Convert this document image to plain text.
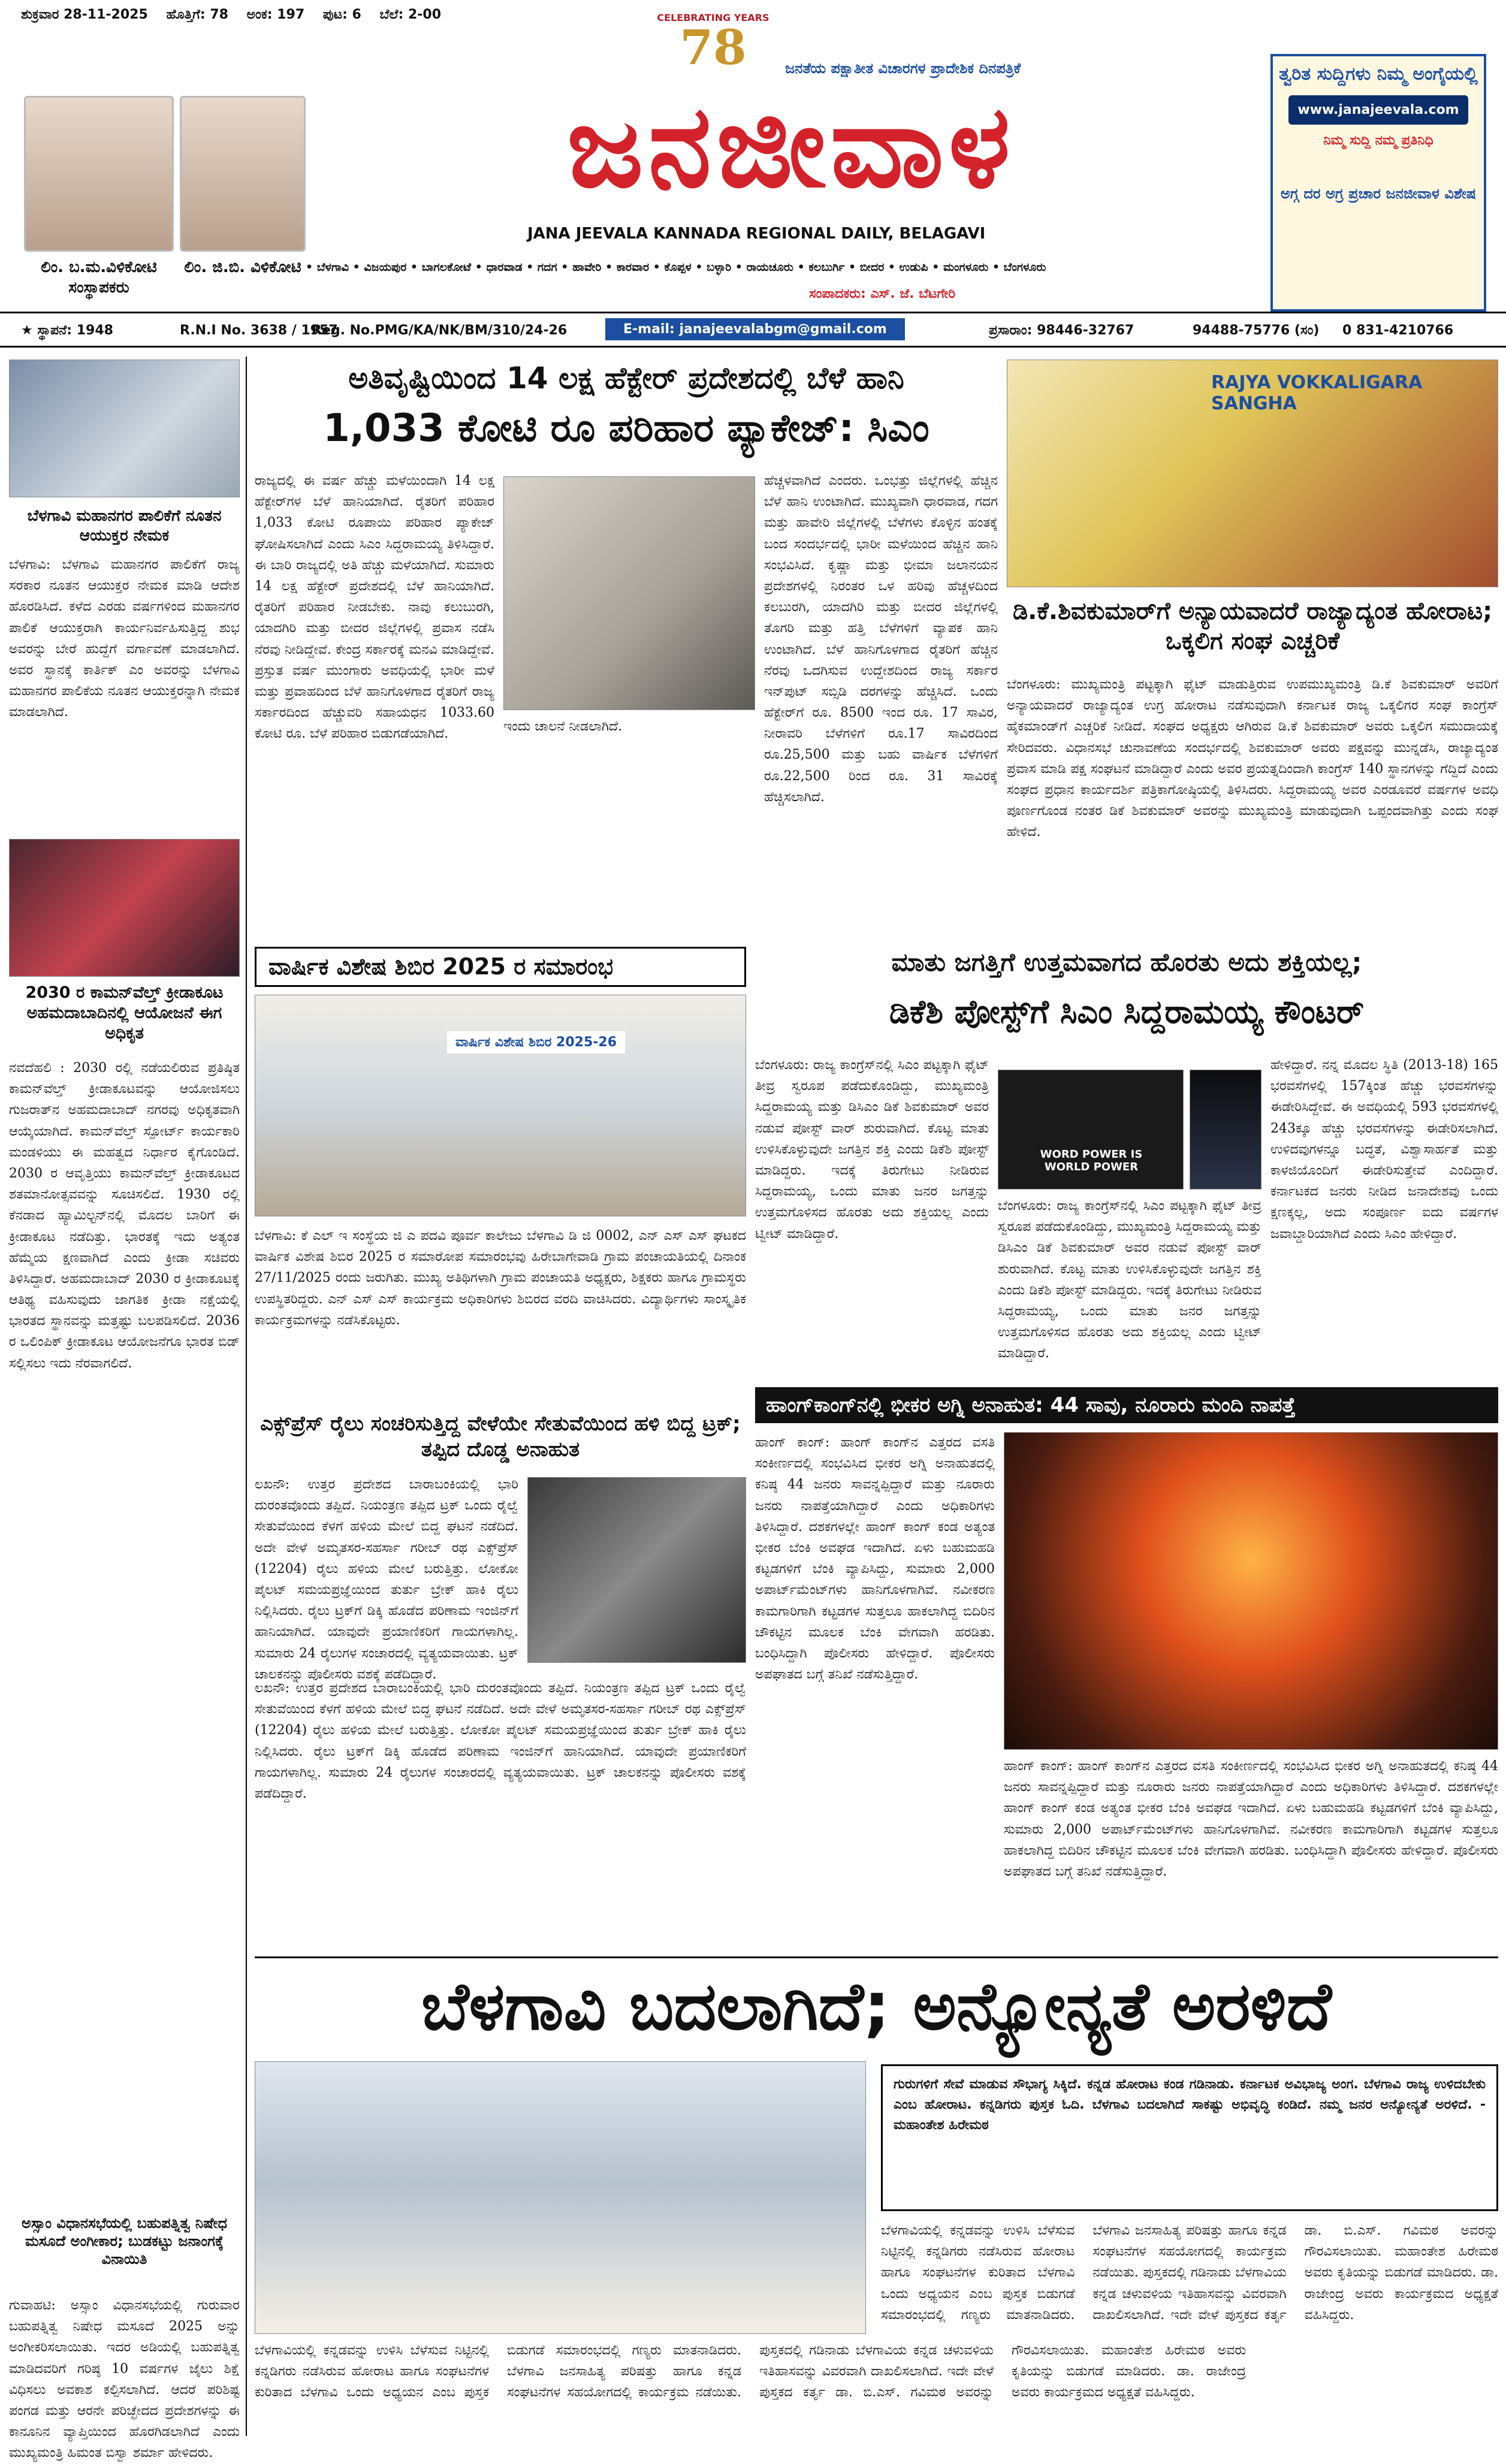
ಶುಕ್ರವಾರ 28-11-2025 ಹೊತ್ತಿಗೆ: 78 ಅಂಕ: 197 ಪುಟ: 6 ಬೆಲೆ: 2-00
ಲಿಂ. ಬ.ಮ.ವಿಳಿಕೋಟಿ
ಸಂಸ್ಥಾಪಕರು
ಲಿಂ. ಜಿ.ಬಿ. ವಿಳಿಕೋಟಿ
CELEBRATING YEARS
78	ಜನತೆಯ ಪಕ್ಷಾತೀತ ವಿಚಾರಗಳ ಪ್ರಾದೇಶಿಕ ದಿನಪತ್ರಿಕೆ
ಜನಜೀವಾಳ
JANA JEEVALA KANNADA REGIONAL DAILY, BELAGAVI
• ಬೆಳಗಾವಿ • ವಿಜಯಪುರ • ಬಾಗಲಕೋಟೆ • ಧಾರವಾಡ • ಗದಗ • ಹಾವೇರಿ • ಕಾರವಾರ • ಕೊಪ್ಪಳ • ಬಳ್ಳಾರಿ • ರಾಯಚೂರು • ಕಲಬುರ್ಗಿ • ಬೀದರ • ಉಡುಪಿ • ಮಂಗಳೂರು • ಬೆಂಗಳೂರು
ಸಂಪಾದಕರು: ಎಸ್. ಜೆ. ಬೆಟಗೇರಿ
ತ್ವರಿತ ಸುದ್ದಿಗಳು ನಿಮ್ಮ ಅಂಗೈಯಲ್ಲಿ
www.janajeevala.com
ನಿಮ್ಮ ಸುದ್ದಿ ನಮ್ಮ ಪ್ರತಿನಿಧಿ
ಅಗ್ಗ ದರ ಅಗ್ರ ಪ್ರಚಾರ ಜನಜೀವಾಳ ವಿಶೇಷ
★ ಸ್ಥಾಪನೆ: 1948	R.N.I No. 3638 / 1957
Reg. No.PMG/KA/NK/BM/310/24-26	E-mail: janajeevalabgm@gmail.com	ಪ್ರಸಾರಾಂ: 98446-32767	94488-75776 (ಸಂ) 0 831-4210766
ಬೆಳಗಾವಿ ಮಹಾನಗರ ಪಾಲಿಕೆಗೆ ನೂತನ ಆಯುಕ್ತರ ನೇಮಕ
ಬೆಳಗಾವಿ: ಬೆಳಗಾವಿ ಮಹಾನಗರ ಪಾಲಿಕೆಗೆ ರಾಜ್ಯ ಸರಕಾರ ನೂತನ ಆಯುಕ್ತರ ನೇಮಕ ಮಾಡಿ ಆದೇಶ ಹೊರಡಿಸಿದೆ. ಕಳೆದ ಎರಡು ವರ್ಷಗಳಿಂದ ಮಹಾನಗರ ಪಾಲಿಕೆ ಆಯುಕ್ತರಾಗಿ ಕಾರ್ಯನಿರ್ವಹಿಸುತ್ತಿದ್ದ ಶುಭ ಅವರನ್ನು ಬೇರೆ ಹುದ್ದೆಗೆ ವರ್ಗಾವಣೆ ಮಾಡಲಾಗಿದೆ. ಅವರ ಸ್ಥಾನಕ್ಕೆ ಕಾರ್ತಿಕ್ ಎಂ ಅವರನ್ನು ಬೆಳಗಾವಿ ಮಹಾನಗರ ಪಾಲಿಕೆಯ ನೂತನ ಆಯುಕ್ತರನ್ನಾಗಿ ನೇಮಕ ಮಾಡಲಾಗಿದೆ.
2030 ರ ಕಾಮನ್‌ವೆಲ್ತ್ ಕ್ರೀಡಾಕೂಟ ಅಹಮದಾಬಾದಿನಲ್ಲಿ ಆಯೋಜನೆ ಈಗ ಅಧಿಕೃತ
ನವದೆಹಲಿ : 2030 ರಲ್ಲಿ ನಡೆಯಲಿರುವ ಪ್ರತಿಷ್ಠಿತ ಕಾಮನ್‌ವೆಲ್ತ್ ಕ್ರೀಡಾಕೂಟವನ್ನು ಆಯೋಜಿಸಲು ಗುಜರಾತ್‌ನ ಅಹಮದಾಬಾದ್ ನಗರವು ಅಧಿಕೃತವಾಗಿ ಆಯ್ಕೆಯಾಗಿದೆ. ಕಾಮನ್‌ವೆಲ್ತ್ ಸ್ಪೋರ್ಟ್ ಕಾರ್ಯಕಾರಿ ಮಂಡಳಿಯು ಈ ಮಹತ್ವದ ನಿರ್ಧಾರ ಕೈಗೊಂಡಿದೆ. 2030 ರ ಆವೃತ್ತಿಯು ಕಾಮನ್‌ವೆಲ್ತ್ ಕ್ರೀಡಾಕೂಟದ ಶತಮಾನೋತ್ಸವವನ್ನು ಸೂಚಿಸಲಿದೆ. 1930 ರಲ್ಲಿ ಕೆನಡಾದ ಹ್ಯಾಮಿಲ್ಟನ್‌ನಲ್ಲಿ ಮೊದಲ ಬಾರಿಗೆ ಈ ಕ್ರೀಡಾಕೂಟ ನಡೆದಿತ್ತು. ಭಾರತಕ್ಕೆ ಇದು ಅತ್ಯಂತ ಹೆಮ್ಮೆಯ ಕ್ಷಣವಾಗಿದೆ ಎಂದು ಕ್ರೀಡಾ ಸಚಿವರು ತಿಳಿಸಿದ್ದಾರೆ. ಅಹಮದಾಬಾದ್ 2030 ರ ಕ್ರೀಡಾಕೂಟಕ್ಕೆ ಆತಿಥ್ಯ ವಹಿಸುವುದು ಜಾಗತಿಕ ಕ್ರೀಡಾ ನಕ್ಷೆಯಲ್ಲಿ ಭಾರತದ ಸ್ಥಾನವನ್ನು ಮತ್ತಷ್ಟು ಬಲಪಡಿಸಲಿದೆ. 2036 ರ ಒಲಿಂಪಿಕ್ ಕ್ರೀಡಾಕೂಟ ಆಯೋಜನೆಗೂ ಭಾರತ ಬಿಡ್ ಸಲ್ಲಿಸಲು ಇದು ನೆರವಾಗಲಿದೆ.
ಅಸ್ಸಾಂ ವಿಧಾನಸಭೆಯಲ್ಲಿ ಬಹುಪತ್ನಿತ್ವ ನಿಷೇಧ ಮಸೂದೆ ಅಂಗೀಕಾರ; ಬುಡಕಟ್ಟು ಜನಾಂಗಕ್ಕೆ ವಿನಾಯಿತಿ
ಗುವಾಹಟಿ: ಅಸ್ಸಾಂ ವಿಧಾನಸಭೆಯಲ್ಲಿ ಗುರುವಾರ ಬಹುಪತ್ನಿತ್ವ ನಿಷೇಧ ಮಸೂದೆ 2025 ಅನ್ನು ಅಂಗೀಕರಿಸಲಾಯಿತು. ಇದರ ಅಡಿಯಲ್ಲಿ ಬಹುಪತ್ನಿತ್ವ ಮಾಡಿದವರಿಗೆ ಗರಿಷ್ಠ 10 ವರ್ಷಗಳ ಜೈಲು ಶಿಕ್ಷೆ ವಿಧಿಸಲು ಅವಕಾಶ ಕಲ್ಪಿಸಲಾಗಿದೆ. ಆದರೆ ಪರಿಶಿಷ್ಟ ಪಂಗಡ ಮತ್ತು ಆರನೇ ಪರಿಚ್ಛೇದದ ಪ್ರದೇಶಗಳನ್ನು ಈ ಕಾನೂನಿನ ವ್ಯಾಪ್ತಿಯಿಂದ ಹೊರಗಿಡಲಾಗಿದೆ ಎಂದು ಮುಖ್ಯಮಂತ್ರಿ ಹಿಮಂತ ಬಿಸ್ವಾ ಶರ್ಮಾ ಹೇಳಿದರು.
ಅತಿವೃಷ್ಟಿಯಿಂದ 14 ಲಕ್ಷ ಹೆಕ್ಟೇರ್ ಪ್ರದೇಶದಲ್ಲಿ ಬೆಳೆ ಹಾನಿ
1,033 ಕೋಟಿ ರೂ ಪರಿಹಾರ ಪ್ಯಾಕೇಜ್: ಸಿಎಂ
ರಾಜ್ಯದಲ್ಲಿ ಈ ವರ್ಷ ಹೆಚ್ಚು ಮಳೆಯಿಂದಾಗಿ 14 ಲಕ್ಷ ಹೆಕ್ಟೇರ್‌ಗಳ ಬೆಳೆ ಹಾನಿಯಾಗಿದೆ. ರೈತರಿಗೆ ಪರಿಹಾರ 1,033 ಕೋಟಿ ರೂಪಾಯಿ ಪರಿಹಾರ ಪ್ಯಾಕೇಜ್ ಘೋಷಿಸಲಾಗಿದೆ ಎಂದು ಸಿಎಂ ಸಿದ್ದರಾಮಯ್ಯ ತಿಳಿಸಿದ್ದಾರೆ. ಈ ಬಾರಿ ರಾಜ್ಯದಲ್ಲಿ ಅತಿ ಹೆಚ್ಚು ಮಳೆಯಾಗಿದೆ. ಸುಮಾರು 14 ಲಕ್ಷ ಹೆಕ್ಟೇರ್ ಪ್ರದೇಶದಲ್ಲಿ ಬೆಳೆ ಹಾನಿಯಾಗಿದೆ. ರೈತರಿಗೆ ಪರಿಹಾರ ನೀಡಬೇಕು. ನಾವು ಕಲುಬುರಗಿ, ಯಾದಗಿರಿ ಮತ್ತು ಬೀದರ ಜಿಲ್ಲೆಗಳಲ್ಲಿ ಪ್ರವಾಸ ನಡೆಸಿ ನೆರವು ನೀಡಿದ್ದೇವೆ. ಕೇಂದ್ರ ಸರ್ಕಾರಕ್ಕೆ ಮನವಿ ಮಾಡಿದ್ದೇವೆ. ಪ್ರಸ್ತುತ ವರ್ಷ ಮುಂಗಾರು ಅವಧಿಯಲ್ಲಿ ಭಾರೀ ಮಳೆ ಮತ್ತು ಪ್ರವಾಹದಿಂದ ಬೆಳೆ ಹಾನಿಗೊಳಗಾದ ರೈತರಿಗೆ ರಾಜ್ಯ ಸರ್ಕಾರದಿಂದ ಹೆಚ್ಚುವರಿ ಸಹಾಯಧನ 1033.60 ಕೋಟಿ ರೂ. ಬೆಳೆ ಪರಿಹಾರ ಬಿಡುಗಡೆಯಾಗಿದೆ.	ಇಂದು ಚಾಲನೆ ನೀಡಲಾಗಿದೆ.
ಹೆಚ್ಚಳವಾಗಿದೆ ಎಂದರು. ಒಂಭತ್ತು ಜಿಲ್ಲೆಗಳಲ್ಲಿ ಹೆಚ್ಚಿನ ಬೆಳೆ ಹಾನಿ ಉಂಟಾಗಿದೆ. ಮುಖ್ಯವಾಗಿ ಧಾರವಾಡ, ಗದಗ ಮತ್ತು ಹಾವೇರಿ ಜಿಲ್ಲೆಗಳಲ್ಲಿ ಬೆಳೆಗಳು ಕೊಳ್ಳಿನ ಹಂತಕ್ಕೆ ಬಂದ ಸಂದರ್ಭದಲ್ಲಿ ಭಾರೀ ಮಳೆಯಿಂದ ಹೆಚ್ಚಿನ ಹಾನಿ ಸಂಭವಿಸಿದೆ. ಕೃಷ್ಣಾ ಮತ್ತು ಭೀಮಾ ಜಲಾನಯನ ಪ್ರದೇಶಗಳಲ್ಲಿ ನಿರಂತರ ಒಳ ಹರಿವು ಹೆಚ್ಚಳದಿಂದ ಕಲಬುರಗಿ, ಯಾದಗಿರಿ ಮತ್ತು ಬೀದರ ಜಿಲ್ಲೆಗಳಲ್ಲಿ ತೊಗರಿ ಮತ್ತು ಹತ್ತಿ ಬೆಳೆಗಳಿಗೆ ವ್ಯಾಪಕ ಹಾನಿ ಉಂಟಾಗಿದೆ. ಬೆಳೆ ಹಾನಿಗೊಳಗಾದ ರೈತರಿಗೆ ಹೆಚ್ಚಿನ ನೆರವು ಒದಗಿಸುವ ಉದ್ದೇಶದಿಂದ ರಾಜ್ಯ ಸರ್ಕಾರ ಇನ್‌ಪುಟ್ ಸಬ್ಸಿಡಿ ದರಗಳನ್ನು ಹೆಚ್ಚಿಸಿದೆ. ಒಂದು ಹೆಕ್ಟೇರ್‌ಗೆ ರೂ. 8500 ಇಂದ ರೂ. 17 ಸಾವಿರ, ನೀರಾವರಿ ಬೆಳೆಗಳಿಗೆ ರೂ.17 ಸಾವಿರದಿಂದ ರೂ.25,500 ಮತ್ತು ಬಹು ವಾರ್ಷಿಕ ಬೆಳೆಗಳಿಗೆ ರೂ.22,500 ರಿಂದ ರೂ. 31 ಸಾವಿರಕ್ಕೆ ಹೆಚ್ಚಿಸಲಾಗಿದೆ.
RAJYA VOKKALIGARA SANGHA
ಡಿ.ಕೆ.ಶಿವಕುಮಾರ್‌ಗೆ ಅನ್ಯಾಯವಾದರೆ ರಾಜ್ಯಾದ್ಯಂತ ಹೋರಾಟ; ಒಕ್ಕಲಿಗ ಸಂಘ ಎಚ್ಚರಿಕೆ
ಬೆಂಗಳೂರು: ಮುಖ್ಯಮಂತ್ರಿ ಪಟ್ಟಕ್ಕಾಗಿ ಫೈಟ್ ಮಾಡುತ್ತಿರುವ ಉಪಮುಖ್ಯಮಂತ್ರಿ ಡಿ.ಕೆ ಶಿವಕುಮಾರ್ ಅವರಿಗೆ ಅನ್ಯಾಯವಾದರೆ ರಾಜ್ಯಾದ್ಯಂತ ಉಗ್ರ ಹೋರಾಟ ನಡೆಸುವುದಾಗಿ ಕರ್ನಾಟಕ ರಾಜ್ಯ ಒಕ್ಕಲಿಗರ ಸಂಘ ಕಾಂಗ್ರೆಸ್ ಹೈಕಮಾಂಡ್‌ಗೆ ಎಚ್ಚರಿಕೆ ನೀಡಿದೆ. ಸಂಘದ ಅಧ್ಯಕ್ಷರು ಆಗಿರುವ ಡಿ.ಕೆ ಶಿವಕುಮಾರ್ ಅವರು ಒಕ್ಕಲಿಗ ಸಮುದಾಯಕ್ಕೆ ಸೇರಿದವರು. ವಿಧಾನಸಭೆ ಚುನಾವಣೆಯ ಸಂದರ್ಭದಲ್ಲಿ ಶಿವಕುಮಾರ್ ಅವರು ಪಕ್ಷವನ್ನು ಮುನ್ನಡೆಸಿ, ರಾಜ್ಯಾದ್ಯಂತ ಪ್ರವಾಸ ಮಾಡಿ ಪಕ್ಷ ಸಂಘಟನೆ ಮಾಡಿದ್ದಾರೆ ಎಂದು ಅವರ ಪ್ರಯತ್ನದಿಂದಾಗಿ ಕಾಂಗ್ರೆಸ್ 140 ಸ್ಥಾನಗಳನ್ನು ಗೆದ್ದಿದೆ ಎಂದು ಸಂಘದ ಪ್ರಧಾನ ಕಾರ್ಯದರ್ಶಿ ಪತ್ರಿಕಾಗೋಷ್ಠಿಯಲ್ಲಿ ತಿಳಿಸಿದರು. ಸಿದ್ದರಾಮಯ್ಯ ಅವರ ಎರಡೂವರೆ ವರ್ಷಗಳ ಅವಧಿ ಪೂರ್ಣಗೊಂಡ ನಂತರ ಡಿಕೆ ಶಿವಕುಮಾರ್ ಅವರನ್ನು ಮುಖ್ಯಮಂತ್ರಿ ಮಾಡುವುದಾಗಿ ಒಪ್ಪಂದವಾಗಿತ್ತು ಎಂದು ಸಂಘ ಹೇಳಿದೆ.
ವಾರ್ಷಿಕ ವಿಶೇಷ ಶಿಬಿರ 2025 ರ ಸಮಾರಂಭ
ವಾರ್ಷಿಕ ವಿಶೇಷ ಶಿಬಿರ 2025-26
ಬೆಳಗಾವಿ: ಕೆ ಎಲ್ ಇ ಸಂಸ್ಥೆಯ ಜಿ ಎ ಪದವಿ ಪೂರ್ವ ಕಾಲೇಜು ಬೆಳಗಾವಿ ಡಿ ಜಿ 0002, ಎನ್ ಎಸ್ ಎಸ್ ಘಟಕದ ವಾರ್ಷಿಕ ವಿಶೇಷ ಶಿಬಿರ 2025 ರ ಸಮಾರೋಪ ಸಮಾರಂಭವು ಹಿರೇಬಾಗೇವಾಡಿ ಗ್ರಾಮ ಪಂಚಾಯತಿಯಲ್ಲಿ ದಿನಾಂಕ 27/11/2025 ರಂದು ಜರುಗಿತು. ಮುಖ್ಯ ಅತಿಥಿಗಳಾಗಿ ಗ್ರಾಮ ಪಂಚಾಯತಿ ಅಧ್ಯಕ್ಷರು, ಶಿಕ್ಷಕರು ಹಾಗೂ ಗ್ರಾಮಸ್ಥರು ಉಪಸ್ಥಿತರಿದ್ದರು. ಎನ್ ಎಸ್ ಎಸ್ ಕಾರ್ಯಕ್ರಮ ಅಧಿಕಾರಿಗಳು ಶಿಬಿರದ ವರದಿ ವಾಚಿಸಿದರು. ವಿದ್ಯಾರ್ಥಿಗಳು ಸಾಂಸ್ಕೃತಿಕ ಕಾರ್ಯಕ್ರಮಗಳನ್ನು ನಡೆಸಿಕೊಟ್ಟರು.
ಎಕ್ಸ್‌ಪ್ರೆಸ್ ರೈಲು ಸಂಚರಿಸುತ್ತಿದ್ದ ವೇಳೆಯೇ ಸೇತುವೆಯಿಂದ ಹಳಿ ಬಿದ್ದ ಟ್ರಕ್; ತಪ್ಪಿದ ದೊಡ್ಡ ಅನಾಹುತ
ಲಖನೌ: ಉತ್ತರ ಪ್ರದೇಶದ ಬಾರಾಬಂಕಿಯಲ್ಲಿ ಭಾರಿ ದುರಂತವೊಂದು ತಪ್ಪಿದೆ. ನಿಯಂತ್ರಣ ತಪ್ಪಿದ ಟ್ರಕ್ ಒಂದು ರೈಲ್ವೆ ಸೇತುವೆಯಿಂದ ಕೆಳಗೆ ಹಳಿಯ ಮೇಲೆ ಬಿದ್ದ ಘಟನೆ ನಡೆದಿದೆ. ಅದೇ ವೇಳೆ ಅಮೃತಸರ-ಸಹರ್ಸಾ ಗರೀಬ್ ರಥ ಎಕ್ಸ್‌ಪ್ರೆಸ್ (12204) ರೈಲು ಹಳಿಯ ಮೇಲೆ ಬರುತ್ತಿತ್ತು. ಲೋಕೋ ಪೈಲಟ್ ಸಮಯಪ್ರಜ್ಞೆಯಿಂದ ತುರ್ತು ಬ್ರೇಕ್ ಹಾಕಿ ರೈಲು ನಿಲ್ಲಿಸಿದರು. ರೈಲು ಟ್ರಕ್‌ಗೆ ಡಿಕ್ಕಿ ಹೊಡೆದ ಪರಿಣಾಮ ಇಂಜಿನ್‌ಗೆ ಹಾನಿಯಾಗಿದೆ. ಯಾವುದೇ ಪ್ರಯಾಣಿಕರಿಗೆ ಗಾಯಗಳಾಗಿಲ್ಲ. ಸುಮಾರು 24 ರೈಲುಗಳ ಸಂಚಾರದಲ್ಲಿ ವ್ಯತ್ಯಯವಾಯಿತು. ಟ್ರಕ್ ಚಾಲಕನನ್ನು ಪೊಲೀಸರು ವಶಕ್ಕೆ ಪಡೆದಿದ್ದಾರೆ.
ಲಖನೌ: ಉತ್ತರ ಪ್ರದೇಶದ ಬಾರಾಬಂಕಿಯಲ್ಲಿ ಭಾರಿ ದುರಂತವೊಂದು ತಪ್ಪಿದೆ. ನಿಯಂತ್ರಣ ತಪ್ಪಿದ ಟ್ರಕ್ ಒಂದು ರೈಲ್ವೆ ಸೇತುವೆಯಿಂದ ಕೆಳಗೆ ಹಳಿಯ ಮೇಲೆ ಬಿದ್ದ ಘಟನೆ ನಡೆದಿದೆ. ಅದೇ ವೇಳೆ ಅಮೃತಸರ-ಸಹರ್ಸಾ ಗರೀಬ್ ರಥ ಎಕ್ಸ್‌ಪ್ರೆಸ್ (12204) ರೈಲು ಹಳಿಯ ಮೇಲೆ ಬರುತ್ತಿತ್ತು. ಲೋಕೋ ಪೈಲಟ್ ಸಮಯಪ್ರಜ್ಞೆಯಿಂದ ತುರ್ತು ಬ್ರೇಕ್ ಹಾಕಿ ರೈಲು ನಿಲ್ಲಿಸಿದರು. ರೈಲು ಟ್ರಕ್‌ಗೆ ಡಿಕ್ಕಿ ಹೊಡೆದ ಪರಿಣಾಮ ಇಂಜಿನ್‌ಗೆ ಹಾನಿಯಾಗಿದೆ. ಯಾವುದೇ ಪ್ರಯಾಣಿಕರಿಗೆ ಗಾಯಗಳಾಗಿಲ್ಲ. ಸುಮಾರು 24 ರೈಲುಗಳ ಸಂಚಾರದಲ್ಲಿ ವ್ಯತ್ಯಯವಾಯಿತು. ಟ್ರಕ್ ಚಾಲಕನನ್ನು ಪೊಲೀಸರು ವಶಕ್ಕೆ ಪಡೆದಿದ್ದಾರೆ.
ಮಾತು ಜಗತ್ತಿಗೆ ಉತ್ತಮವಾಗದ ಹೊರತು ಅದು ಶಕ್ತಿಯಲ್ಲ;
ಡಿಕೆಶಿ ಪೋಸ್ಟ್‌ಗೆ ಸಿಎಂ ಸಿದ್ದರಾಮಯ್ಯ ಕೌಂಟರ್
ಬೆಂಗಳೂರು: ರಾಜ್ಯ ಕಾಂಗ್ರೆಸ್‌ನಲ್ಲಿ ಸಿಎಂ ಪಟ್ಟಕ್ಕಾಗಿ ಫೈಟ್ ತೀವ್ರ ಸ್ವರೂಪ ಪಡೆದುಕೊಂಡಿದ್ದು, ಮುಖ್ಯಮಂತ್ರಿ ಸಿದ್ದರಾಮಯ್ಯ ಮತ್ತು ಡಿಸಿಎಂ ಡಿಕೆ ಶಿವಕುಮಾರ್ ಅವರ ನಡುವೆ ಪೋಸ್ಟ್ ವಾರ್ ಶುರುವಾಗಿದೆ. ಕೊಟ್ಟ ಮಾತು ಉಳಿಸಿಕೊಳ್ಳುವುದೇ ಜಗತ್ತಿನ ಶಕ್ತಿ ಎಂದು ಡಿಕೆಶಿ ಪೋಸ್ಟ್ ಮಾಡಿದ್ದರು. ಇದಕ್ಕೆ ತಿರುಗೇಟು ನೀಡಿರುವ ಸಿದ್ದರಾಮಯ್ಯ, ಒಂದು ಮಾತು ಜನರ ಜಗತ್ತನ್ನು ಉತ್ತಮಗೊಳಿಸದ ಹೊರತು ಅದು ಶಕ್ತಿಯಲ್ಲ ಎಂದು ಟ್ವೀಟ್ ಮಾಡಿದ್ದಾರೆ.
WORD POWER IS WORLD POWER
ಹೇಳಿದ್ದಾರೆ. ನನ್ನ ಮೊದಲ ಸ್ಥಿತಿ (2013-18) 165 ಭರವಸೆಗಳಲ್ಲಿ 157ಕ್ಕಿಂತ ಹೆಚ್ಚು ಭರವಸೆಗಳನ್ನು ಈಡೇರಿಸಿದ್ದೇವೆ. ಈ ಅವಧಿಯಲ್ಲಿ 593 ಭರವಸೆಗಳಲ್ಲಿ 243ಕ್ಕೂ ಹೆಚ್ಚು ಭರವಸೆಗಳನ್ನು ಈಡೇರಿಸಲಾಗಿದೆ. ಉಳಿದವುಗಳನ್ನೂ ಬದ್ಧತೆ, ವಿಶ್ವಾಸಾರ್ಹತೆ ಮತ್ತು ಕಾಳಜಿಯೊಂದಿಗೆ ಈಡೇರಿಸುತ್ತೇವೆ ಎಂದಿದ್ದಾರೆ. ಕರ್ನಾಟಕದ ಜನರು ನೀಡಿದ ಜನಾದೇಶವು ಒಂದು ಕ್ಷಣಕ್ಕಲ್ಲ, ಅದು ಸಂಪೂರ್ಣ ಐದು ವರ್ಷಗಳ ಜವಾಬ್ದಾರಿಯಾಗಿದೆ ಎಂದು ಸಿಎಂ ಹೇಳಿದ್ದಾರೆ.
ಬೆಂಗಳೂರು: ರಾಜ್ಯ ಕಾಂಗ್ರೆಸ್‌ನಲ್ಲಿ ಸಿಎಂ ಪಟ್ಟಕ್ಕಾಗಿ ಫೈಟ್ ತೀವ್ರ ಸ್ವರೂಪ ಪಡೆದುಕೊಂಡಿದ್ದು, ಮುಖ್ಯಮಂತ್ರಿ ಸಿದ್ದರಾಮಯ್ಯ ಮತ್ತು ಡಿಸಿಎಂ ಡಿಕೆ ಶಿವಕುಮಾರ್ ಅವರ ನಡುವೆ ಪೋಸ್ಟ್ ವಾರ್ ಶುರುವಾಗಿದೆ. ಕೊಟ್ಟ ಮಾತು ಉಳಿಸಿಕೊಳ್ಳುವುದೇ ಜಗತ್ತಿನ ಶಕ್ತಿ ಎಂದು ಡಿಕೆಶಿ ಪೋಸ್ಟ್ ಮಾಡಿದ್ದರು. ಇದಕ್ಕೆ ತಿರುಗೇಟು ನೀಡಿರುವ ಸಿದ್ದರಾಮಯ್ಯ, ಒಂದು ಮಾತು ಜನರ ಜಗತ್ತನ್ನು ಉತ್ತಮಗೊಳಿಸದ ಹೊರತು ಅದು ಶಕ್ತಿಯಲ್ಲ ಎಂದು ಟ್ವೀಟ್ ಮಾಡಿದ್ದಾರೆ.
ಹಾಂಗ್‌ಕಾಂಗ್‌ನಲ್ಲಿ ಭೀಕರ ಅಗ್ನಿ ಅನಾಹುತ: 44 ಸಾವು, ನೂರಾರು ಮಂದಿ ನಾಪತ್ತೆ
ಹಾಂಗ್ ಕಾಂಗ್: ಹಾಂಗ್ ಕಾಂಗ್‌ನ ಎತ್ತರದ ವಸತಿ ಸಂಕೀರ್ಣದಲ್ಲಿ ಸಂಭವಿಸಿದ ಭೀಕರ ಅಗ್ನಿ ಅನಾಹುತದಲ್ಲಿ ಕನಿಷ್ಠ 44 ಜನರು ಸಾವನ್ನಪ್ಪಿದ್ದಾರೆ ಮತ್ತು ನೂರಾರು ಜನರು ನಾಪತ್ತೆಯಾಗಿದ್ದಾರೆ ಎಂದು ಅಧಿಕಾರಿಗಳು ತಿಳಿಸಿದ್ದಾರೆ. ದಶಕಗಳಲ್ಲೇ ಹಾಂಗ್ ಕಾಂಗ್ ಕಂಡ ಅತ್ಯಂತ ಭೀಕರ ಬೆಂಕಿ ಅವಘಡ ಇದಾಗಿದೆ. ಏಳು ಬಹುಮಹಡಿ ಕಟ್ಟಡಗಳಿಗೆ ಬೆಂಕಿ ವ್ಯಾಪಿಸಿದ್ದು, ಸುಮಾರು 2,000 ಅಪಾರ್ಟ್‌ಮೆಂಟ್‌ಗಳು ಹಾನಿಗೊಳಗಾಗಿವೆ. ನವೀಕರಣ ಕಾಮಗಾರಿಗಾಗಿ ಕಟ್ಟಡಗಳ ಸುತ್ತಲೂ ಹಾಕಲಾಗಿದ್ದ ಬಿದಿರಿನ ಚೌಕಟ್ಟಿನ ಮೂಲಕ ಬೆಂಕಿ ವೇಗವಾಗಿ ಹರಡಿತು. ಬಂಧಿಸಿದ್ದಾಗಿ ಪೊಲೀಸರು ಹೇಳಿದ್ದಾರೆ. ಪೊಲೀಸರು ಅಪಘಾತದ ಬಗ್ಗೆ ತನಿಖೆ ನಡೆಸುತ್ತಿದ್ದಾರೆ.
ಹಾಂಗ್ ಕಾಂಗ್: ಹಾಂಗ್ ಕಾಂಗ್‌ನ ಎತ್ತರದ ವಸತಿ ಸಂಕೀರ್ಣದಲ್ಲಿ ಸಂಭವಿಸಿದ ಭೀಕರ ಅಗ್ನಿ ಅನಾಹುತದಲ್ಲಿ ಕನಿಷ್ಠ 44 ಜನರು ಸಾವನ್ನಪ್ಪಿದ್ದಾರೆ ಮತ್ತು ನೂರಾರು ಜನರು ನಾಪತ್ತೆಯಾಗಿದ್ದಾರೆ ಎಂದು ಅಧಿಕಾರಿಗಳು ತಿಳಿಸಿದ್ದಾರೆ. ದಶಕಗಳಲ್ಲೇ ಹಾಂಗ್ ಕಾಂಗ್ ಕಂಡ ಅತ್ಯಂತ ಭೀಕರ ಬೆಂಕಿ ಅವಘಡ ಇದಾಗಿದೆ. ಏಳು ಬಹುಮಹಡಿ ಕಟ್ಟಡಗಳಿಗೆ ಬೆಂಕಿ ವ್ಯಾಪಿಸಿದ್ದು, ಸುಮಾರು 2,000 ಅಪಾರ್ಟ್‌ಮೆಂಟ್‌ಗಳು ಹಾನಿಗೊಳಗಾಗಿವೆ. ನವೀಕರಣ ಕಾಮಗಾರಿಗಾಗಿ ಕಟ್ಟಡಗಳ ಸುತ್ತಲೂ ಹಾಕಲಾಗಿದ್ದ ಬಿದಿರಿನ ಚೌಕಟ್ಟಿನ ಮೂಲಕ ಬೆಂಕಿ ವೇಗವಾಗಿ ಹರಡಿತು. ಬಂಧಿಸಿದ್ದಾಗಿ ಪೊಲೀಸರು ಹೇಳಿದ್ದಾರೆ. ಪೊಲೀಸರು ಅಪಘಾತದ ಬಗ್ಗೆ ತನಿಖೆ ನಡೆಸುತ್ತಿದ್ದಾರೆ.
ಬೆಳಗಾವಿ ಬದಲಾಗಿದೆ; ಅನ್ಯೋನ್ಯತೆ ಅರಳಿದೆ
ಗುರುಗಳಿಗೆ ಸೇವೆ ಮಾಡುವ ಸೌಭಾಗ್ಯ ಸಿಕ್ಕಿದೆ. ಕನ್ನಡ ಹೋರಾಟ ಕಂಡ ಗಡಿನಾಡು. ಕರ್ನಾಟಕ ಅವಿಭಾಜ್ಯ ಅಂಗ. ಬೆಳಗಾವಿ ರಾಜ್ಯ ಉಳಿದಬೇಕು ಎಂಬ ಹೋರಾಟ. ಕನ್ನಡಿಗರು ಪುಸ್ತಕ ಓದಿ. ಬೆಳಗಾವಿ ಬದಲಾಗಿದೆ ಸಾಕಷ್ಟು ಅಭಿವೃದ್ಧಿ ಕಂಡಿದೆ. ನಮ್ಮ ಜನರ ಅನ್ಯೋನ್ಯತೆ ಅರಳಿದೆ. - ಮಹಾಂತೇಶ ಹಿರೇಮಠ
ಬೆಳಗಾವಿಯಲ್ಲಿ ಕನ್ನಡವನ್ನು ಉಳಿಸಿ ಬೆಳೆಸುವ ನಿಟ್ಟಿನಲ್ಲಿ ಕನ್ನಡಿಗರು ನಡೆಸಿರುವ ಹೋರಾಟ ಹಾಗೂ ಸಂಘಟನೆಗಳ ಕುರಿತಾದ ಬೆಳಗಾವಿ ಒಂದು ಅಧ್ಯಯನ ಎಂಬ ಪುಸ್ತಕ ಬಿಡುಗಡೆ ಸಮಾರಂಭದಲ್ಲಿ ಗಣ್ಯರು ಮಾತನಾಡಿದರು. ಬೆಳಗಾವಿ ಜನಸಾಹಿತ್ಯ ಪರಿಷತ್ತು ಹಾಗೂ ಕನ್ನಡ ಸಂಘಟನೆಗಳ ಸಹಯೋಗದಲ್ಲಿ ಕಾರ್ಯಕ್ರಮ ನಡೆಯಿತು. ಪುಸ್ತಕದಲ್ಲಿ ಗಡಿನಾಡು ಬೆಳಗಾವಿಯ ಕನ್ನಡ ಚಳುವಳಿಯ ಇತಿಹಾಸವನ್ನು ವಿವರವಾಗಿ ದಾಖಲಿಸಲಾಗಿದೆ. ಇದೇ ವೇಳೆ ಪುಸ್ತಕದ ಕರ್ತೃ ಡಾ. ಬಿ.ಎಸ್. ಗವಿಮಠ ಅವರನ್ನು ಗೌರವಿಸಲಾಯಿತು. ಮಹಾಂತೇಶ ಹಿರೇಮಠ ಅವರು ಕೃತಿಯನ್ನು ಬಿಡುಗಡೆ ಮಾಡಿದರು. ಡಾ. ರಾಜೇಂದ್ರ ಅವರು ಕಾರ್ಯಕ್ರಮದ ಅಧ್ಯಕ್ಷತೆ ವಹಿಸಿದ್ದರು.
ಬೆಳಗಾವಿಯಲ್ಲಿ ಕನ್ನಡವನ್ನು ಉಳಿಸಿ ಬೆಳೆಸುವ ನಿಟ್ಟಿನಲ್ಲಿ ಕನ್ನಡಿಗರು ನಡೆಸಿರುವ ಹೋರಾಟ ಹಾಗೂ ಸಂಘಟನೆಗಳ ಕುರಿತಾದ ಬೆಳಗಾವಿ ಒಂದು ಅಧ್ಯಯನ ಎಂಬ ಪುಸ್ತಕ ಬಿಡುಗಡೆ ಸಮಾರಂಭದಲ್ಲಿ ಗಣ್ಯರು ಮಾತನಾಡಿದರು. ಬೆಳಗಾವಿ ಜನಸಾಹಿತ್ಯ ಪರಿಷತ್ತು ಹಾಗೂ ಕನ್ನಡ ಸಂಘಟನೆಗಳ ಸಹಯೋಗದಲ್ಲಿ ಕಾರ್ಯಕ್ರಮ ನಡೆಯಿತು. ಪುಸ್ತಕದಲ್ಲಿ ಗಡಿನಾಡು ಬೆಳಗಾವಿಯ ಕನ್ನಡ ಚಳುವಳಿಯ ಇತಿಹಾಸವನ್ನು ವಿವರವಾಗಿ ದಾಖಲಿಸಲಾಗಿದೆ. ಇದೇ ವೇಳೆ ಪುಸ್ತಕದ ಕರ್ತೃ ಡಾ. ಬಿ.ಎಸ್. ಗವಿಮಠ ಅವರನ್ನು ಗೌರವಿಸಲಾಯಿತು. ಮಹಾಂತೇಶ ಹಿರೇಮಠ ಅವರು ಕೃತಿಯನ್ನು ಬಿಡುಗಡೆ ಮಾಡಿದರು. ಡಾ. ರಾಜೇಂದ್ರ ಅವರು ಕಾರ್ಯಕ್ರಮದ ಅಧ್ಯಕ್ಷತೆ ವಹಿಸಿದ್ದರು.
